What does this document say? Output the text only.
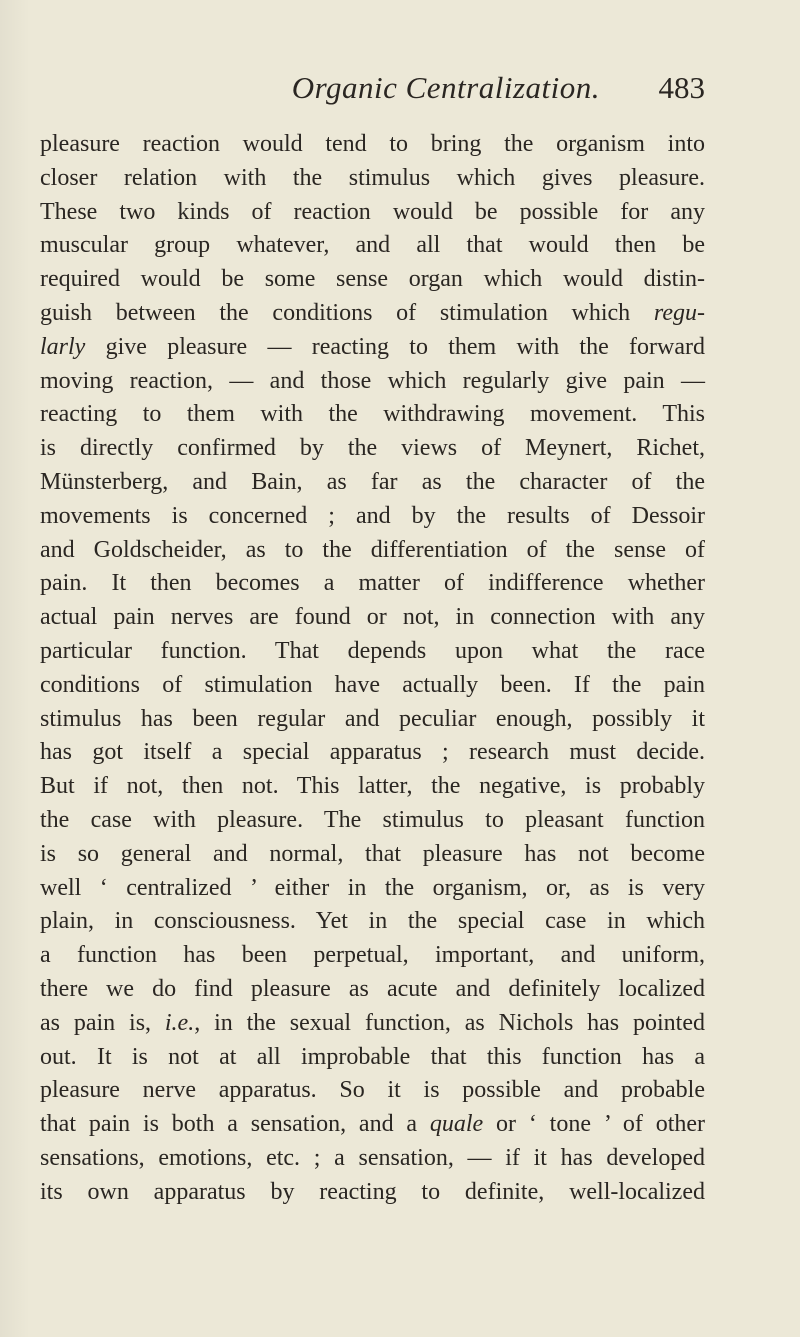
Organic Centralization. 483
pleasure reaction would tend to bring the organism into
closer relation with the stimulus which gives pleasure.
These two kinds of reaction would be possible for any
muscular group whatever, and all that would then be
required would be some sense organ which would distin-
guish between the conditions of stimulation which regu-
larly give pleasure — reacting to them with the forward
moving reaction, — and those which regularly give pain —
reacting to them with the withdrawing movement. This
is directly confirmed by the views of Meynert, Richet,
Münsterberg, and Bain, as far as the character of the
movements is concerned ; and by the results of Dessoir
and Goldscheider, as to the differentiation of the sense of
pain. It then becomes a matter of indifference whether
actual pain nerves are found or not, in connection with any
particular function. That depends upon what the race
conditions of stimulation have actually been. If the pain
stimulus has been regular and peculiar enough, possibly it
has got itself a special apparatus ; research must decide.
But if not, then not. This latter, the negative, is probably
the case with pleasure. The stimulus to pleasant function
is so general and normal, that pleasure has not become
well ‘ centralized ’ either in the organism, or, as is very
plain, in consciousness. Yet in the special case in which
a function has been perpetual, important, and uniform,
there we do find pleasure as acute and definitely localized
as pain is, i.e., in the sexual function, as Nichols has pointed
out. It is not at all improbable that this function has a
pleasure nerve apparatus. So it is possible and probable
that pain is both a sensation, and a quale or ‘ tone ’ of other
sensations, emotions, etc. ; a sensation, — if it has developed
its own apparatus by reacting to definite, well-localized
